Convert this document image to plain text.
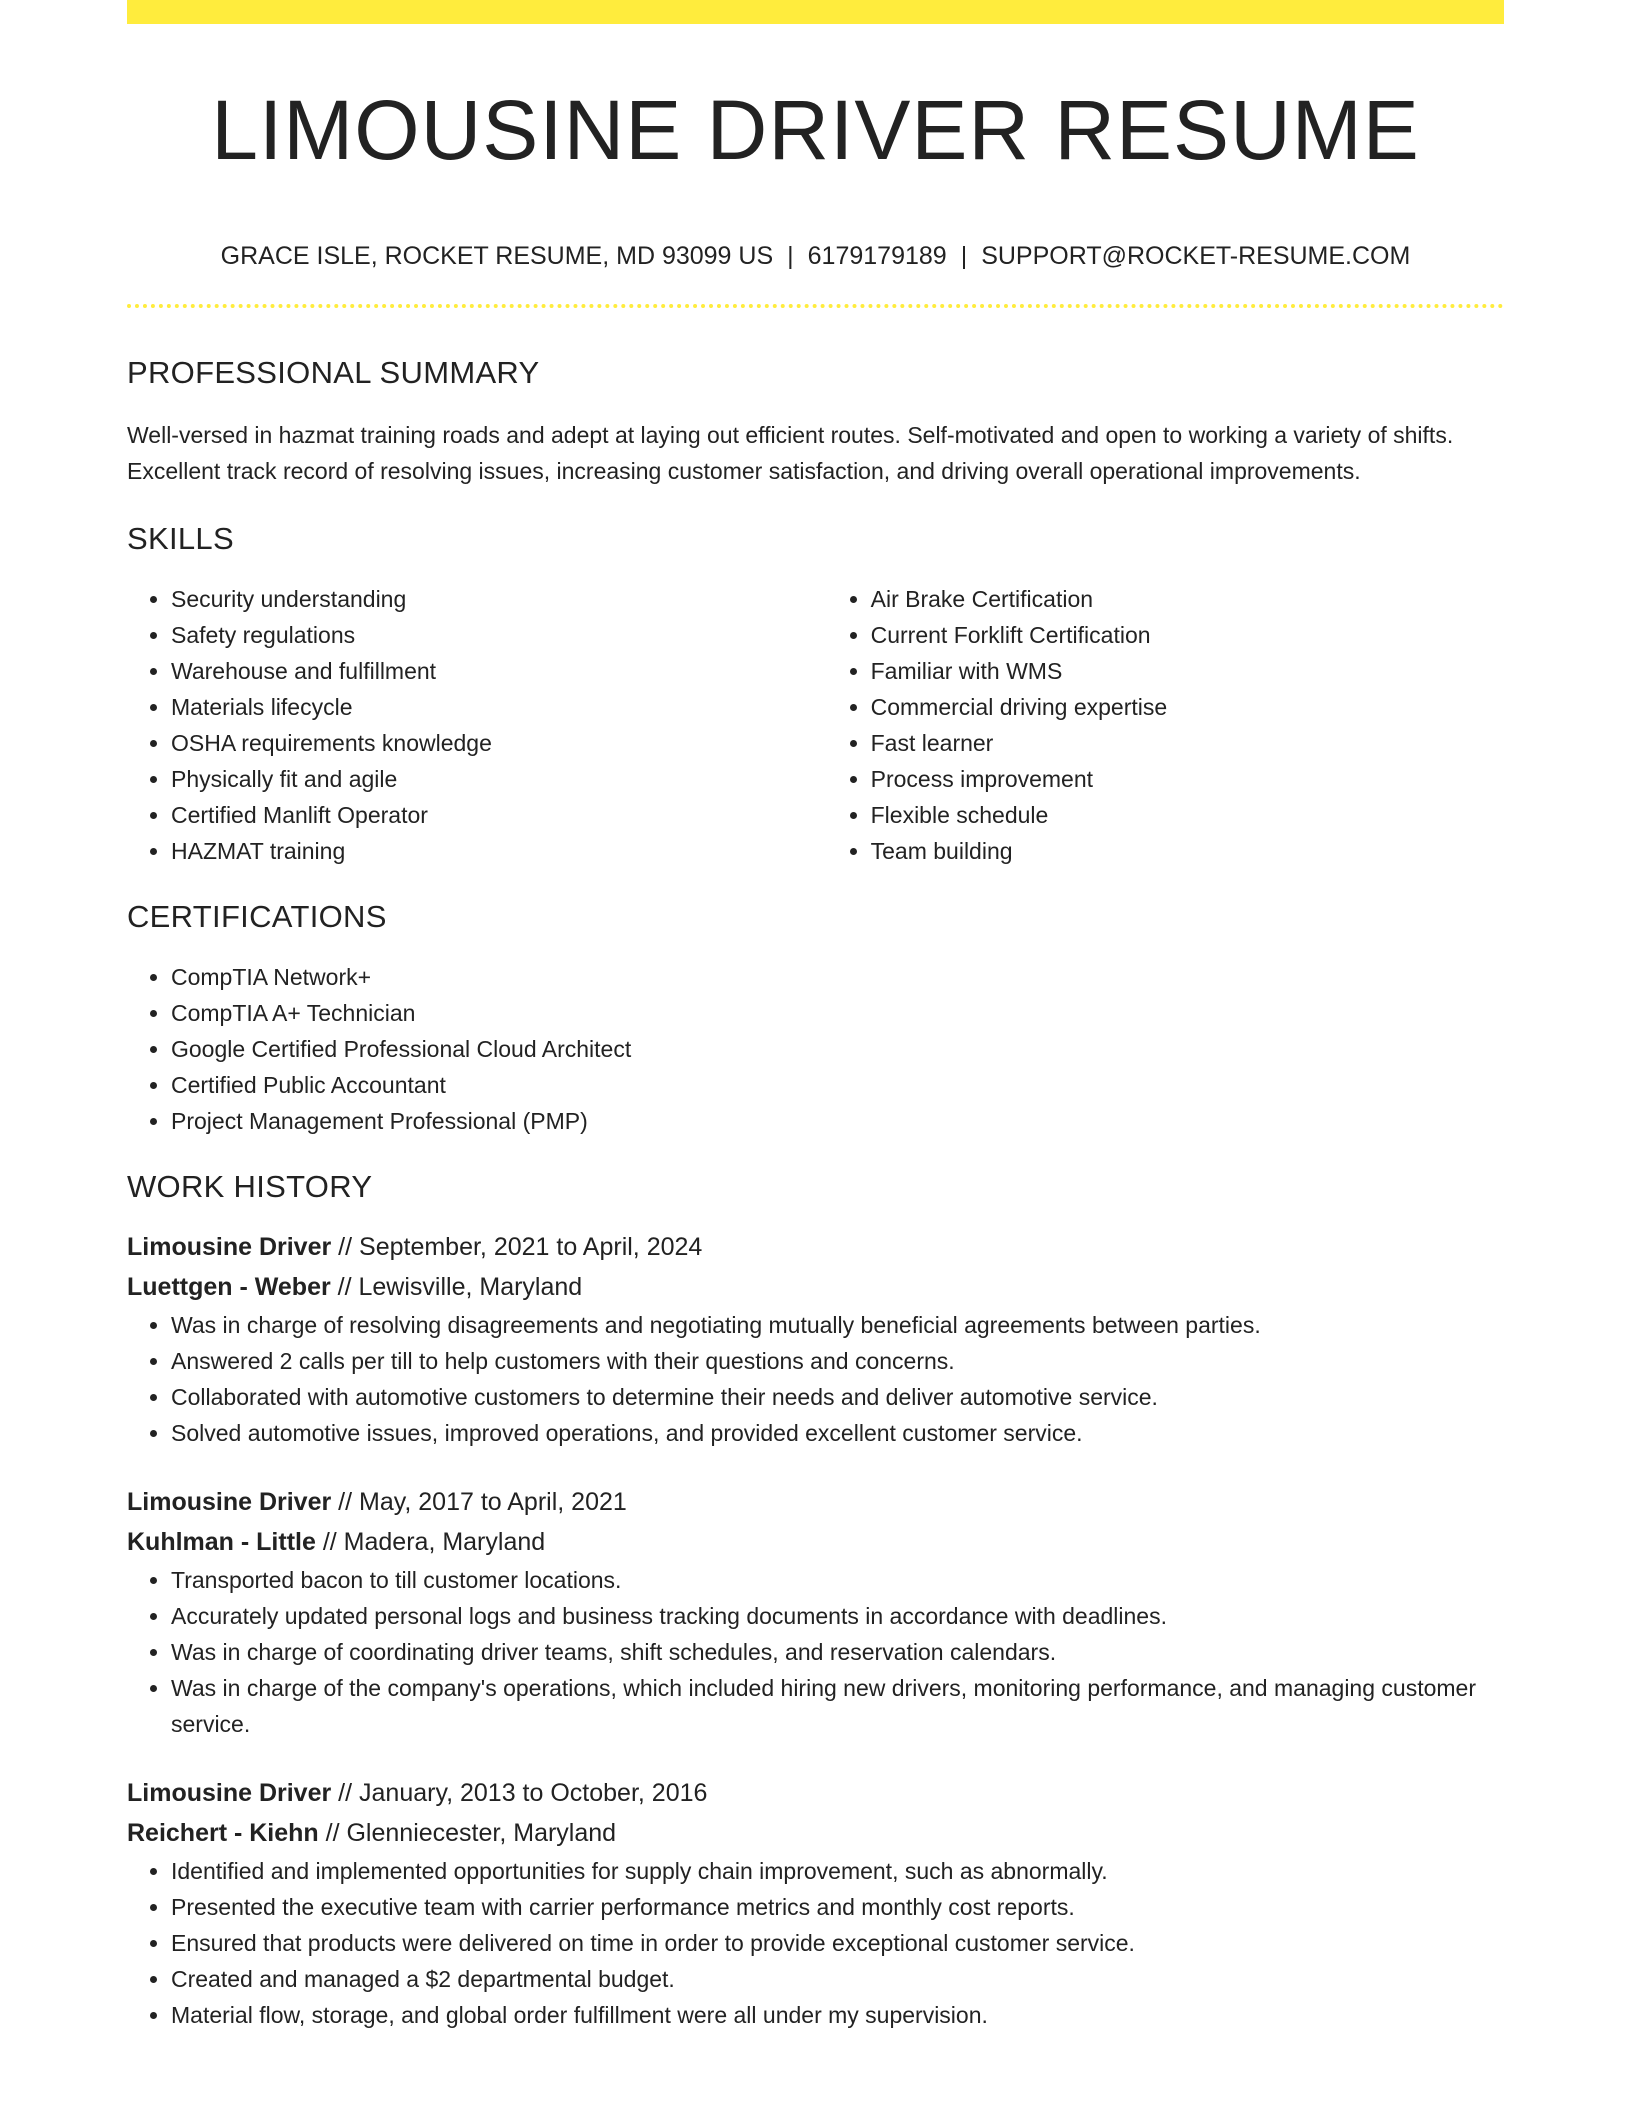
LIMOUSINE DRIVER RESUME
GRACE ISLE, ROCKET RESUME, MD 93099 US | 6179179189 | SUPPORT@ROCKET-RESUME.COM
PROFESSIONAL SUMMARY

Well-versed in hazmat training roads and adept at laying out efficient routes. Self-motivated and open to working a variety of shifts. Excellent track record of resolving issues, increasing customer satisfaction, and driving overall operational improvements.

SKILLS
• Security understanding
• Safety regulations
• Warehouse and fulfillment
• Materials lifecycle
• OSHA requirements knowledge
• Physically fit and agile
• Certified Manlift Operator
• HAZMAT training
• Air Brake Certification
• Current Forklift Certification
• Familiar with WMS
• Commercial driving expertise
• Fast learner
• Process improvement
• Flexible schedule
• Team building
CERTIFICATIONS
• CompTIA Network+
• CompTIA A+ Technician
• Google Certified Professional Cloud Architect
• Certified Public Accountant
• Project Management Professional (PMP)
WORK HISTORY
Limousine Driver // September, 2021 to April, 2024
Luettgen - Weber // Lewisville, Maryland
• Was in charge of resolving disagreements and negotiating mutually beneficial agreements between parties.
• Answered 2 calls per till to help customers with their questions and concerns.
• Collaborated with automotive customers to determine their needs and deliver automotive service.
• Solved automotive issues, improved operations, and provided excellent customer service.
Limousine Driver // May, 2017 to April, 2021
Kuhlman - Little // Madera, Maryland
• Transported bacon to till customer locations.
• Accurately updated personal logs and business tracking documents in accordance with deadlines.
• Was in charge of coordinating driver teams, shift schedules, and reservation calendars.
• Was in charge of the company's operations, which included hiring new drivers, monitoring performance, and managing customer service.
Limousine Driver // January, 2013 to October, 2016
Reichert - Kiehn // Glenniecester, Maryland
• Identified and implemented opportunities for supply chain improvement, such as abnormally.
• Presented the executive team with carrier performance metrics and monthly cost reports.
• Ensured that products were delivered on time in order to provide exceptional customer service.
• Created and managed a $2 departmental budget.
• Material flow, storage, and global order fulfillment were all under my supervision.
